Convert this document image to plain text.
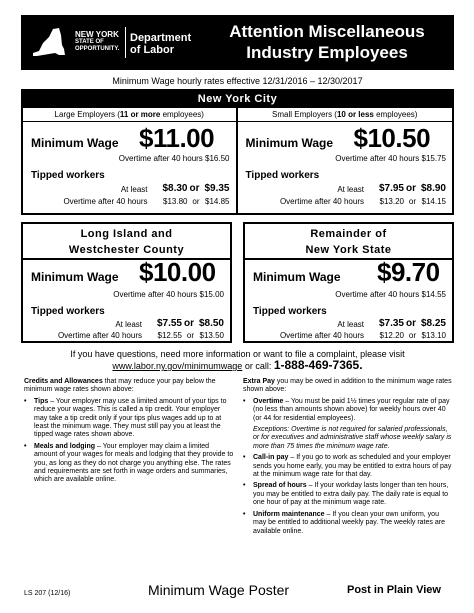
NEW YORK
STATE OF
OPPORTUNITY.
Department
of Labor
Attention Miscellaneous
Industry Employees
Minimum Wage hourly rates effective 12/31/2016 – 12/30/2017
New York City
Large Employers (11 or more employees)
Minimum Wage $11.00
Overtime after 40 hours $16.50
Tipped workers
At least $8.30 or $9.35
Overtime after 40 hours $13.80 or $14.85
Small Employers (10 or less employees)
Minimum Wage $10.50
Overtime after 40 hours $15.75
Tipped workers
At least $7.95 or $8.90
Overtime after 40 hours $13.20 or $14.15
Long Island and
Westchester County
Minimum Wage $10.00
Overtime after 40 hours $15.00
Tipped workers
At least $7.55 or $8.50
Overtime after 40 hours $12.55 or $13.50
Remainder of
New York State
Minimum Wage $9.70
Overtime after 40 hours $14.55
Tipped workers
At least $7.35 or $8.25
Overtime after 40 hours $12.20 or $13.10
If you have questions, need more information or want to file a complaint, please visit
www.labor.ny.gov/minimumwage or call: 1-888-469-7365.
Credits and Allowances that may reduce your pay below the minimum wage rates shown above:
• Tips – Your employer may use a limited amount of your tips to reduce your wages. This is called a tip credit. Your employer may take a tip credit only if your tips plus wages add up to at least the minimum wage. They must still pay you at least the tipped wage rates shown above.
• Meals and lodging – Your employer may claim a limited amount of your wages for meals and lodging that they provide to you, as long as they do not charge you anything else. The rates and requirements are set forth in wage orders and summaries, which are available online.
Extra Pay you may be owed in addition to the minimum wage rates shown above:
• Overtime – You must be paid 1½ times your regular rate of pay (no less than amounts shown above) for weekly hours over 40 (or 44 for residential employees).
Exceptions: Overtime is not required for salaried professionals, or for executives and administrative staff whose weekly salary is more than 75 times the minimum wage rate.
• Call-in pay – If you go to work as scheduled and your employer sends you home early, you may be entitled to extra hours of pay at the minimum wage rate for that day.
• Spread of hours – If your workday lasts longer than ten hours, you may be entitled to extra daily pay. The daily rate is equal to one hour of pay at the minimum wage rate.
• Uniform maintenance – If you clean your own uniform, you may be entitled to additional weekly pay. The weekly rates are available online.
LS 207 (12/16)	Minimum Wage Poster	Post in Plain View
